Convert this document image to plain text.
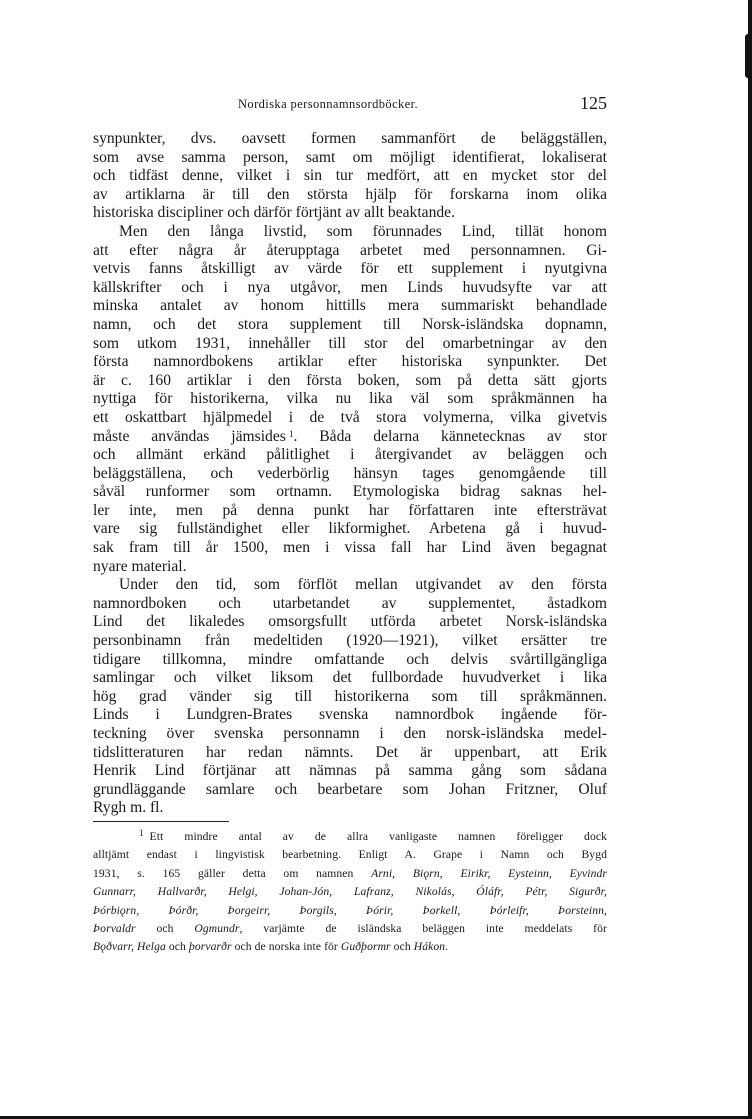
Nordiska personnamnsordböcker.	125
synpunkter, dvs. oavsett formen sammanfört de beläggställen,
som avse samma person, samt om möjligt identifierat, lokaliserat
och tidfäst denne, vilket i sin tur medfört, att en mycket stor del
av artiklarna är till den största hjälp för forskarna inom olika
historiska discipliner och därför förtjänt av allt beaktande.
Men den långa livstid, som förunnades Lind, tillät honom
att efter några år återupptaga arbetet med personnamnen. Gi-
vetvis fanns åtskilligt av värde för ett supplement i nyutgivna
källskrifter och i nya utgåvor, men Linds huvudsyfte var att
minska antalet av honom hittills mera summariskt behandlade
namn, och det stora supplement till Norsk-isländska dopnamn,
som utkom 1931, innehåller till stor del omarbetningar av den
första namnordbokens artiklar efter historiska synpunkter. Det
är c. 160 artiklar i den första boken, som på detta sätt gjorts
nyttiga för historikerna, vilka nu lika väl som språkmännen ha
ett oskattbart hjälpmedel i de två stora volymerna, vilka givetvis
måste användas jämsides  $^1$. Båda delarna kännetecknas av stor
och allmänt erkänd pålitlighet i återgivandet av beläggen och
beläggställena, och vederbörlig hänsyn tages genomgående till
såväl runformer som ortnamn. Etymologiska bidrag saknas hel-
ler inte, men på denna punkt har författaren inte eftersträvat
vare sig fullständighet eller likformighet. Arbetena gå i huvud-
sak fram till år 1500, men i vissa fall har Lind även begagnat
nyare material.
Under den tid, som förflöt mellan utgivandet av den första
namnordboken och utarbetandet av supplementet, åstadkom
Lind det likaledes omsorgsfullt utförda arbetet Norsk-isländska
personbinamn från medeltiden (1920—1921), vilket ersätter tre
tidigare tillkomna, mindre omfattande och delvis svårtillgängliga
samlingar och vilket liksom det fullbordade huvudverket i lika
hög grad vänder sig till historikerna som till språkmännen.
Linds i Lundgren-Brates svenska namnordbok ingående för-
teckning över svenska personnamn i den norsk-isländska medel-
tidslitteraturen har redan nämnts. Det är uppenbart, att Erik
Henrik Lind förtjänar att nämnas på samma gång som sådana
grundläggande samlare och bearbetare som Johan Fritzner, Oluf
Rygh m. fl.
$^1$  Ett mindre antal av de allra vanligaste namnen föreligger dock
alltjämt endast i lingvistisk bearbetning. Enligt A. Grape i Namn och Bygd
1931, s. 165 gäller detta om namnen Arni, Biǫrn, Eirikr, Eysteinn, Eyvindr
Gunnarr, Hallvarðr, Helgi, Johan-Jón, Lafranz, Nikolás, Óláfr, Pétr, Sigurðr,
Þórbiǫrn, Þórðr, Þorgeirr, Þorgils, Þórir, Þorkell, Þórleifr, Þorsteinn,
Þorvaldr och Ogmundr, varjämte de isländska beläggen inte meddelats för
Bǫðvarr, Helga och þorvarðr och de norska inte för Guðþormr och Hákon.
